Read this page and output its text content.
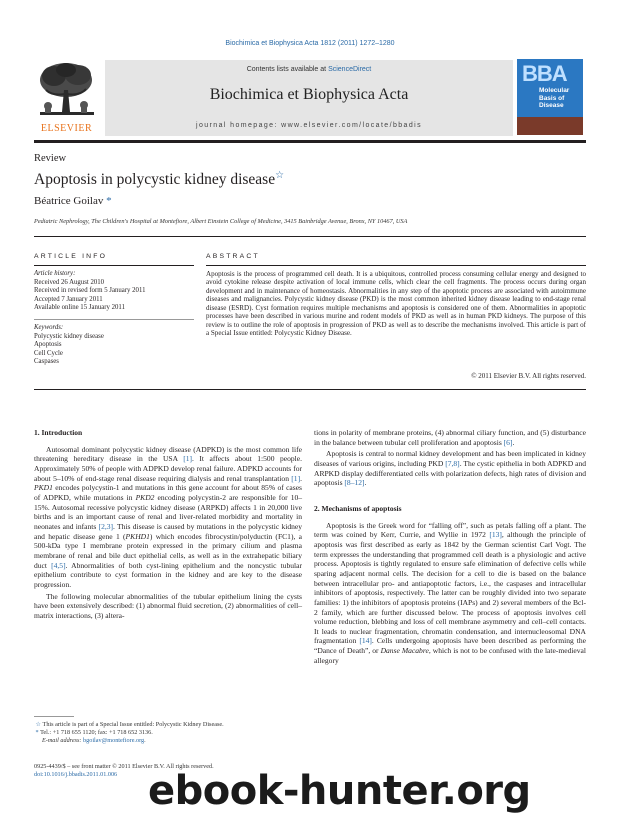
Biochimica et Biophysica Acta 1812 (2011) 1272–1280
ELSEVIER
Contents lists available at ScienceDirect
Biochimica et Biophysica Acta
journal homepage: www.elsevier.com/locate/bbadis
BBA
Molecular
Basis of
Disease
Review
Apoptosis in polycystic kidney disease☆
Béatrice Goilav *
Pediatric Nephrology, The Children's Hospital at Montefiore, Albert Einstein College of Medicine, 3415 Bainbridge Avenue, Bronx, NY 10467, USA
ARTICLE INFO
Article history:
Received 26 August 2010
Received in revised form 5 January 2011
Accepted 7 January 2011
Available online 15 January 2011
Keywords:
Polycystic kidney disease
Apoptosis
Cell Cycle
Caspases
ABSTRACT
Apoptosis is the process of programmed cell death. It is a ubiquitous, controlled process consuming cellular energy and designed to avoid cytokine release despite activation of local immune cells, which clear the cell fragments. The process occurs during organ development and in maintenance of homeostasis. Abnormalities in any step of the apoptotic process are associated with autoimmune diseases and malignancies. Polycystic kidney disease (PKD) is the most common inherited kidney disease leading to end-stage renal disease (ESRD). Cyst formation requires multiple mechanisms and apoptosis is considered one of them. Abnormalities in apoptotic processes have been described in various murine and rodent models of PKD as well as in human PKD kidneys. The purpose of this review is to outline the role of apoptosis in progression of PKD as well as to describe the mechanisms involved. This article is part of a Special Issue entitled: Polycystic Kidney Disease.
© 2011 Elsevier B.V. All rights reserved.
1. Introduction

Autosomal dominant polycystic kidney disease (ADPKD) is the most common life threatening hereditary disease in the USA [1]. It affects about 1:500 people. Approximately 50% of people with ADPKD develop renal failure. ADPKD accounts for about 5–10% of end-stage renal disease requiring dialysis and renal transplantation [1]. PKD1 encodes polycystin-1 and mutations in this gene account for about 85% of cases of ADPKD, while mutations in PKD2 encoding polycystin-2 are responsible for 10–15%. Autosomal recessive polycystic kidney disease (ARPKD) affects 1 in 20,000 live births and is an important cause of renal and liver-related morbidity and mortality in neonates and infants [2,3]. This disease is caused by mutations in the polycystic kidney and hepatic disease gene 1 (PKHD1) which encodes fibrocystin/polyductin (FC1), a 500-kDa type I membrane protein expressed in the primary cilium and plasma membrane of renal and bile duct epithelial cells, as well as in the extrahepatic biliary duct [4,5]. Abnormalities of both cyst-lining epithelium and the noncystic tubular epithelium contribute to cyst formation in the kidney and are key to the disease progression.

The following molecular abnormalities of the tubular epithelium lining the cysts have been extensively described: (1) abnormal fluid secretion, (2) abnormalities of cell–matrix interactions, (3) altera-

☆ This article is part of a Special Issue entitled: Polycystic Kidney Disease.
* Tel.: +1 718 655 1120; fax: +1 718 652 3136.
E-mail address: bgoilav@montefiore.org.
0925-4439/$ – see front matter © 2011 Elsevier B.V. All rights reserved.
doi:10.1016/j.bbadis.2011.01.006

tions in polarity of membrane proteins, (4) abnormal ciliary function, and (5) disturbance in the balance between tubular cell proliferation and apoptosis [6].

Apoptosis is central to normal kidney development and has been implicated in kidney diseases of various origins, including PKD [7,8]. The cystic epithelia in both ADPKD and ARPKD display dedifferentiated cells with polarization defects, high rates of division and apoptosis [8–12].

2. Mechanisms of apoptosis

Apoptosis is the Greek word for “falling off”, such as petals falling off a plant. The term was coined by Kerr, Currie, and Wyllie in 1972 [13], although the principle of apoptosis was first described as early as 1842 by the German scientist Carl Vogt. The term expresses the understanding that programmed cell death is a physiologic and active process. Apoptosis is tightly regulated to ensure safe elimination of defective cells while sparing adjacent normal cells. The decision for a cell to die is based on the balance between intracellular pro- and antiapoptotic factors, i.e., the caspases and intracellular inhibitors of apoptosis, respectively. The latter can be roughly divided into two separate families: 1) the inhibitors of apoptosis proteins (IAPs) and 2) several members of the Bcl-2 family, which are further discussed below. The process of apoptosis involves cell volume reduction, blebbing and loss of cell membrane asymmetry and cell–cell contacts. It leads to nuclear fragmentation, chromatin condensation, and internucleosomal DNA fragmentation [14]. Cells undergoing apoptosis have been described as performing the “Dance of Death”, or Danse Macabre, which is not to be confused with the late-medieval allegory

ebook-hunter.org
